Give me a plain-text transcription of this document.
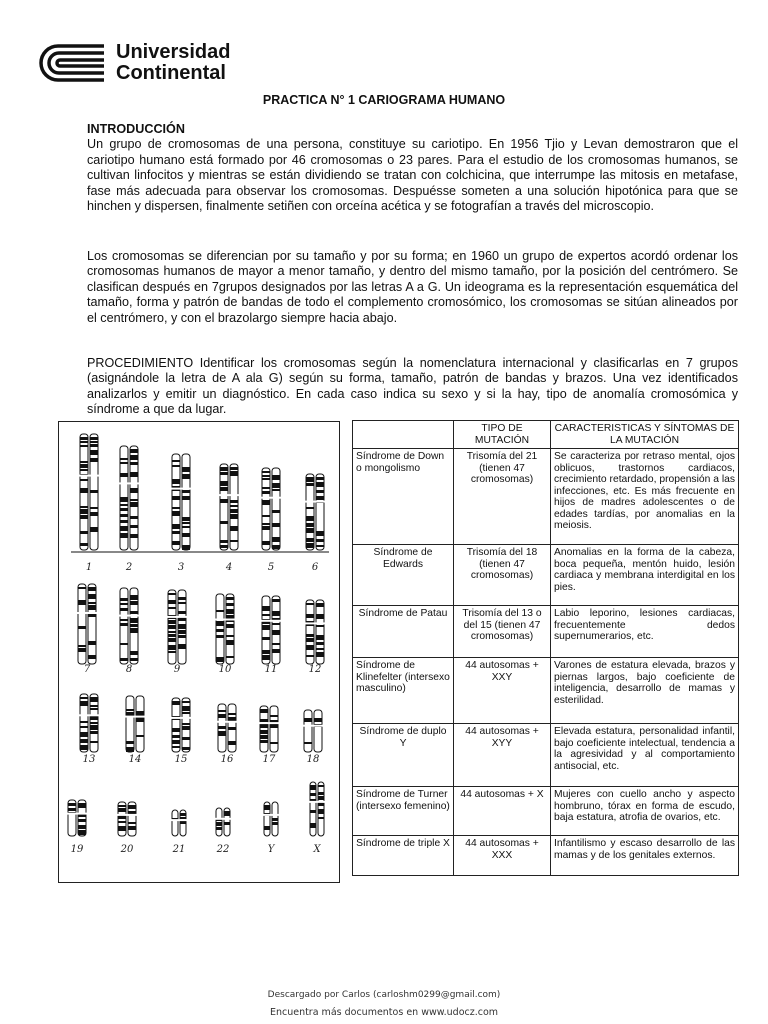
Universidad
Continental
PRACTICA N° 1 CARIOGRAMA HUMANO
INTRODUCCIÓN
Un grupo de cromosomas de una persona, constituye su cariotipo. En 1956 Tjio y Levan demostraron que el cariotipo humano está formado por 46 cromosomas o 23 pares. Para el estudio de los cromosomas humanos, se cultivan linfocitos y mientras se están dividiendo se tratan con colchicina, que interrumpe las mitosis en metafase, fase más adecuada para observar los cromosomas. Despuésse someten a una solución hipotónica para que se hinchen y dispersen, finalmente setiñen con orceína acética y se fotografían a través del microscopio.
Los cromosomas se diferencian por su tamaño y por su forma; en 1960 un grupo de expertos acordó ordenar los cromosomas humanos de mayor a menor tamaño, y dentro del mismo tamaño, por la posición del centrómero. Se clasifican después en 7grupos designados por las letras A a G. Un ideograma es la representación esquemática del tamaño, forma y patrón de bandas de todo el complemento cromosómico, los cromosomas se sitúan alineados por el centrómero, y con el brazolargo siempre hacia abajo.
PROCEDIMIENTO Identificar los cromosomas según la nomenclatura internacional y clasificarlas en 7 grupos (asignándole la letra de A ala G) según su forma, tamaño, patrón de bandas y brazos. Una vez identificados analizarlos y emitir un diagnóstico. En cada caso indica su sexo y si la hay, tipo de anomalía cromosómica y síndrome a que da lugar.
1	2	3	4	5	6
7	8	9	10	11	12
13	14	15	16	17	18
19	20	21	22	Y	X
	TIPO DE MUTACIÓN	CARACTERISTICAS Y SÍNTOMAS DE LA MUTACIÓN
Síndrome de Down o mongolismo	Trisomía del 21 (tienen 47 cromosomas)	Se caracteriza por retraso mental, ojos oblicuos, trastornos cardiacos, crecimiento retardado, propensión a las infecciones, etc. Es más frecuente en hijos de madres adolescentes o de edades tardías, por anomalias en la meiosis.
Síndrome de Edwards	Trisomía del 18 (tienen 47 cromosomas)	Anomalias en la forma de la cabeza, boca pequeña, mentón huido, lesión cardiaca y membrana interdigital en los pies.
Síndrome de Patau	Trisomía del 13 o del 15 (tienen 47 cromosomas)	Labio leporino, lesiones cardiacas, frecuentemente dedos supernumerarios, etc.
Síndrome de Klinefelter (intersexo masculino)	44 autosomas + XXY	Varones de estatura elevada, brazos y piernas largos, bajo coeficiente de inteligencia, desarrollo de mamas y esterilidad.
Síndrome de duplo Y	44 autosomas + XYY	Elevada estatura, personalidad infantil, bajo coeficiente intelectual, tendencia a la agresividad y al comportamiento antisocial, etc.
Síndrome de Turner (intersexo femenino)	44 autosomas + X	Mujeres con cuello ancho y aspecto hombruno, tórax en forma de escudo, baja estatura, atrofia de ovarios, etc.
Síndrome de triple X	44 autosomas + XXX	Infantilismo y escaso desarrollo de las mamas y de los genitales externos.
Descargado por Carlos (carloshm0299@gmail.com)
Encuentra más documentos en www.udocz.com
